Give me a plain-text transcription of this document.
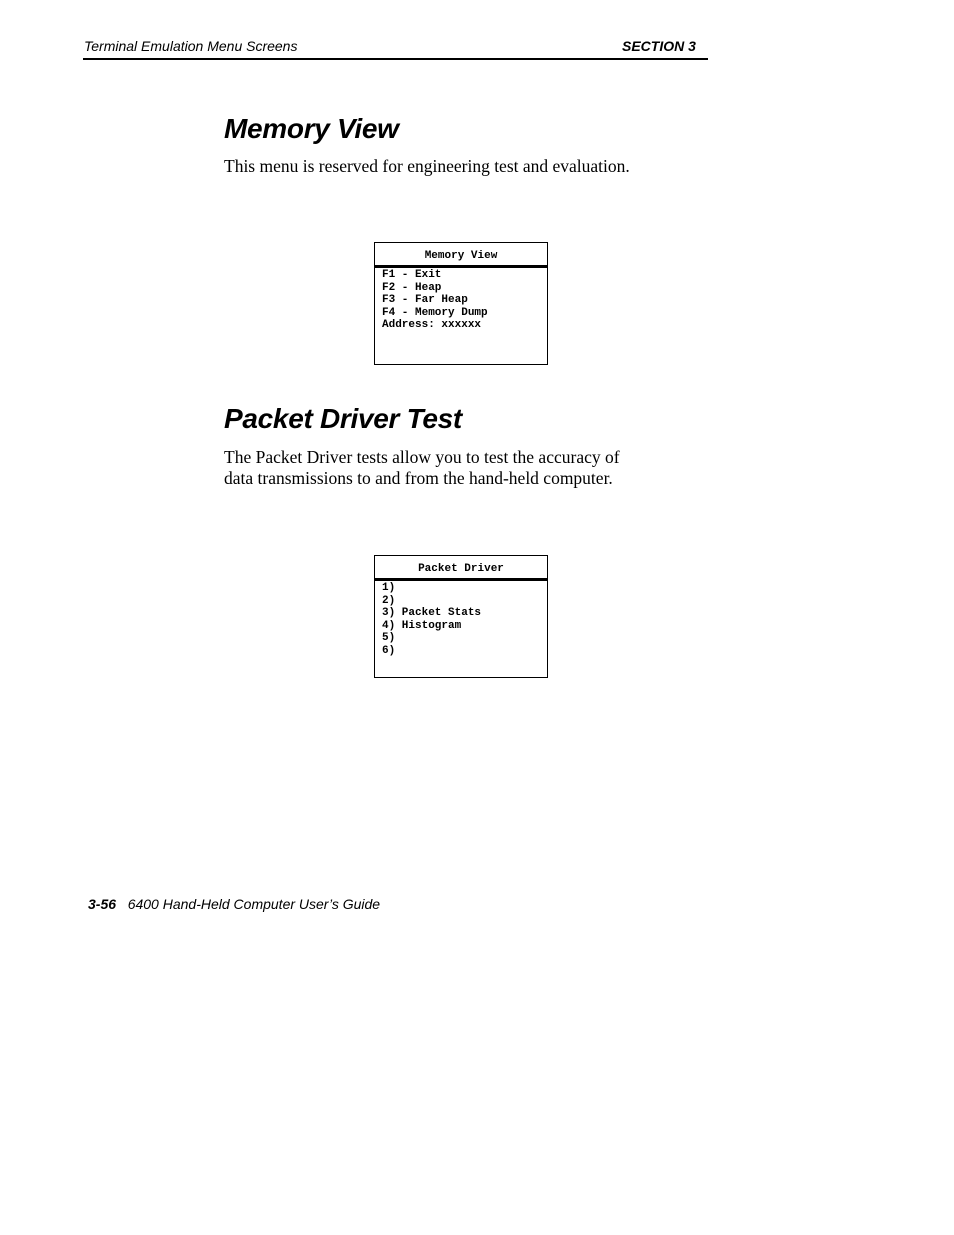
Terminal Emulation Menu Screens	SECTION 3
Memory View

This menu is reserved for engineering test and evaluation.

Memory View
F1 - Exit
F2 - Heap
F3 - Far Heap
F4 - Memory Dump
Address: xxxxxx
Packet Driver Test
The Packet Driver tests allow you to test the accuracy of
data transmissions to and from the hand-held computer.
Packet Driver
1)
2)
3) Packet Stats
4) Histogram
5)
6)
3-56 6400 Hand-Held Computer User’s Guide
